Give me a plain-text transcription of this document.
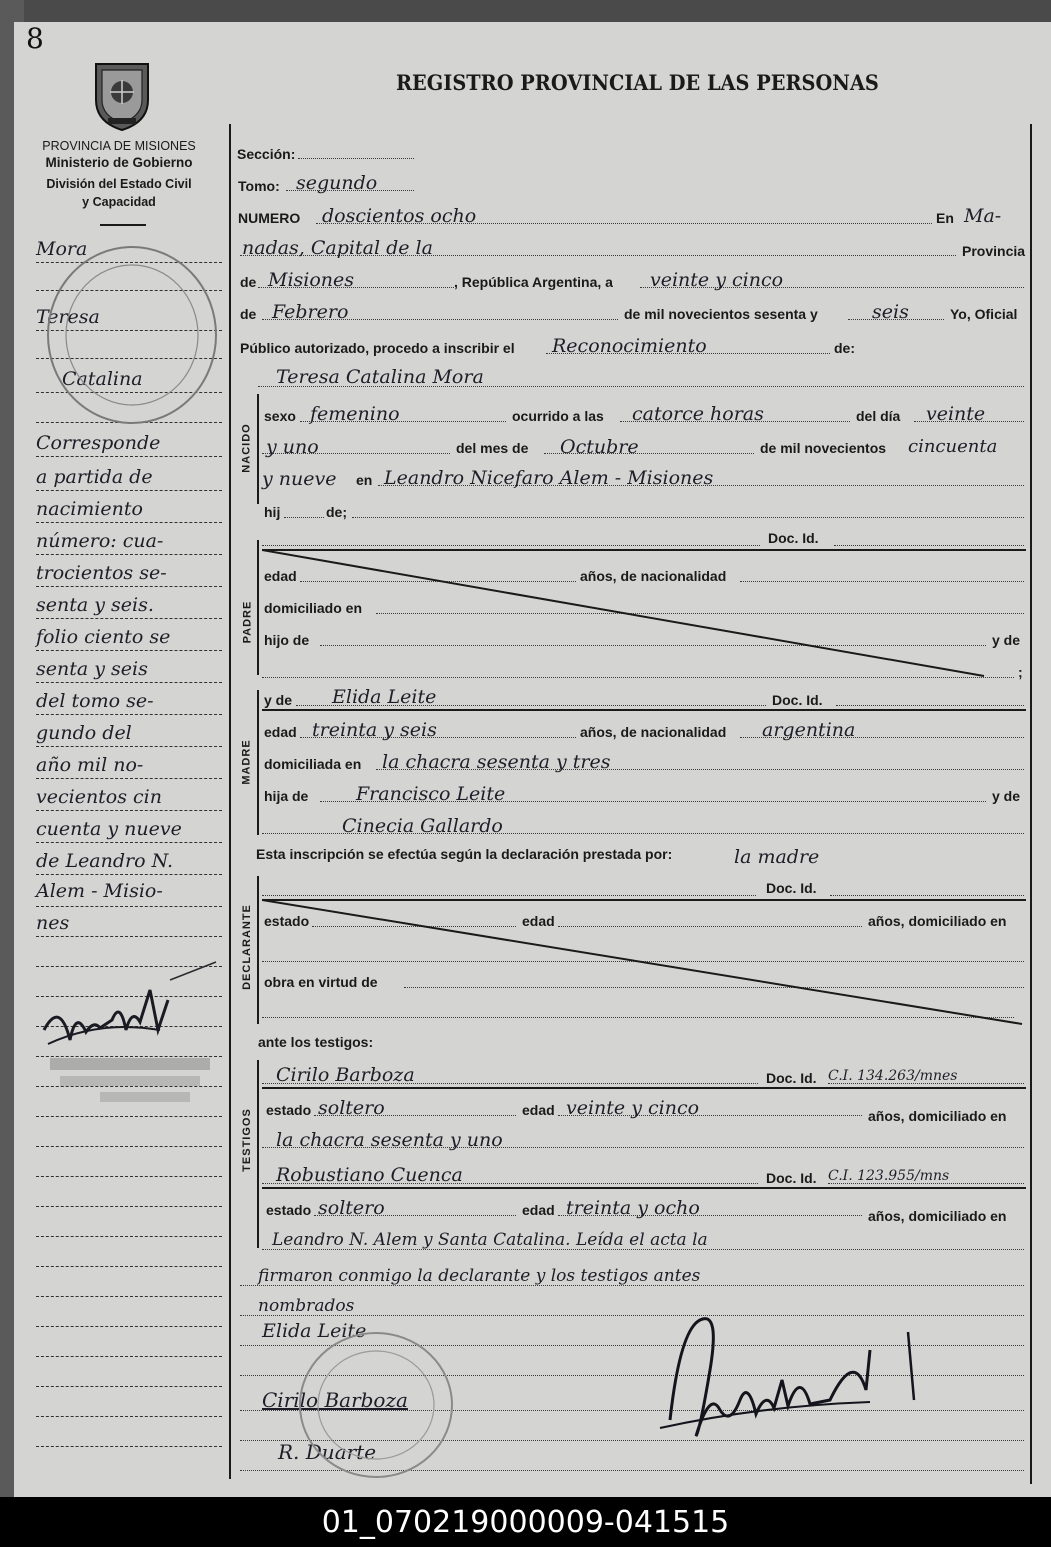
8
PROVINCIA DE MISIONES
Ministerio de Gobierno
División del Estado Civil
y Capacidad
REGISTRO PROVINCIAL DE LAS PERSONAS
Mora
Teresa
Catalina
Corresponde
a partida de
nacimiento
número: cua-
trocientos se-
senta y seis.
folio ciento se
senta y seis
del tomo se-
gundo del
año mil no-
vecientos cin
cuenta y nueve
de Leandro N.
Alem - Misio-
nes
NACIDO
PADRE
MADRE
DECLARANTE
TESTIGOS
Sección:
Tomo: segundo
NUMERO doscientos ocho	En Ma-
nadas, Capital de la	Provincia
de Misiones	, República Argentina, a veinte y cinco
de Febrero	de mil novecientos sesenta y	seis	Yo, Oficial
Público autorizado, procedo a inscribir el Reconocimiento	de:
Teresa Catalina Mora
sexo femenino	ocurrido a las catorce horas	del día veinte
y uno	del mes de Octubre	de mil novecientos cincuenta
y nueve en Leandro Nicefaro Alem - Misiones
hij	de;
Doc. Id.
edad	años, de nacionalidad
domiciliado en
hijo de	y de
;
y de Elida Leite	Doc. Id.
edad treinta y seis	años, de nacionalidad argentina
domiciliada en la chacra sesenta y tres
hija de	Francisco Leite	y de
Cinecia Gallardo
Esta inscripción se efectúa según la declaración prestada por:	la madre
Doc. Id.
estado	edad	años, domiciliado en
obra en virtud de
ante los testigos:
Cirilo Barboza	Doc. Id. C.I. 134.263/mnes
estado soltero	edad veinte y cinco	años, domiciliado en
la chacra sesenta y uno
Robustiano Cuenca	Doc. Id. C.I. 123.955/mns
estado soltero	edad treinta y ocho	años, domiciliado en
Leandro N. Alem y Santa Catalina. Leída el acta la
firmaron conmigo la declarante y los testigos antes
nombrados
Elida Leite
Cirilo Barboza
R. Duarte
01_070219000009-041515
